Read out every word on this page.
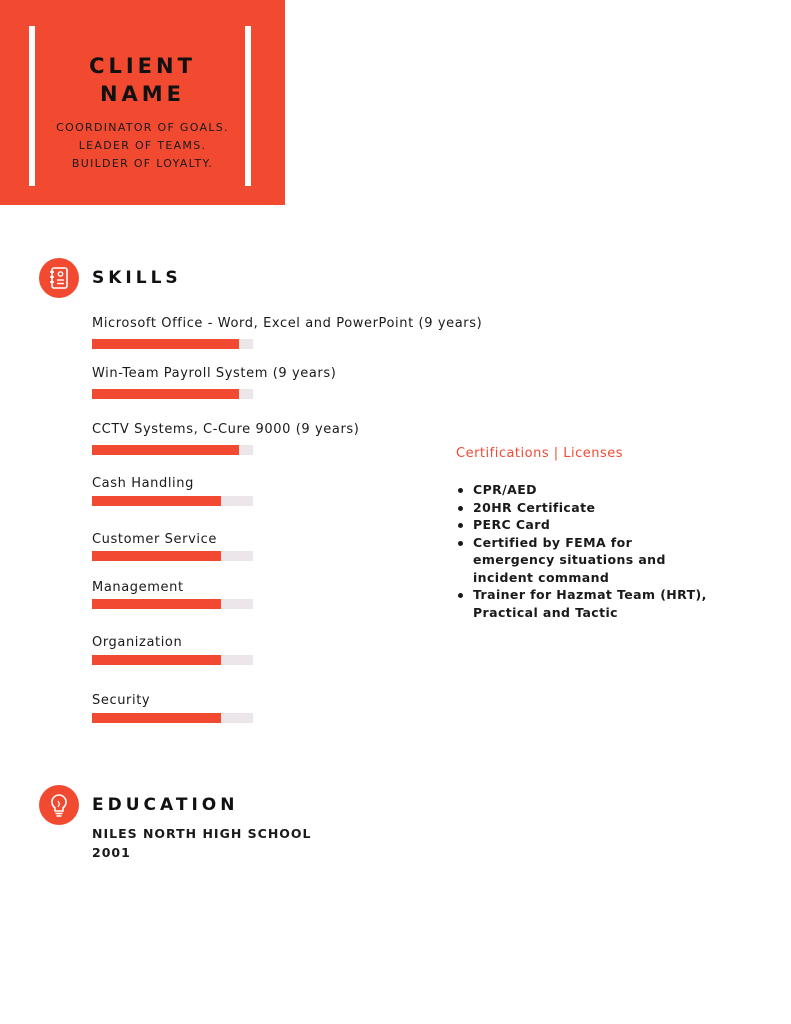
CLIENT
NAME
COORDINATOR OF GOALS.
LEADER OF TEAMS.
BUILDER OF LOYALTY.
SKILLS
Microsoft Office - Word, Excel and PowerPoint (9 years)
Win-Team Payroll System (9 years)
CCTV Systems, C-Cure 9000 (9 years)
Cash Handling
Customer Service
Management
Organization
Security
Certifications | Licenses
CPR/AED
20HR Certificate
PERC Card
Certified by FEMA for emergency situations and incident command
Trainer for Hazmat Team (HRT), Practical and Tactic
EDUCATION
NILES NORTH HIGH SCHOOL
2001
